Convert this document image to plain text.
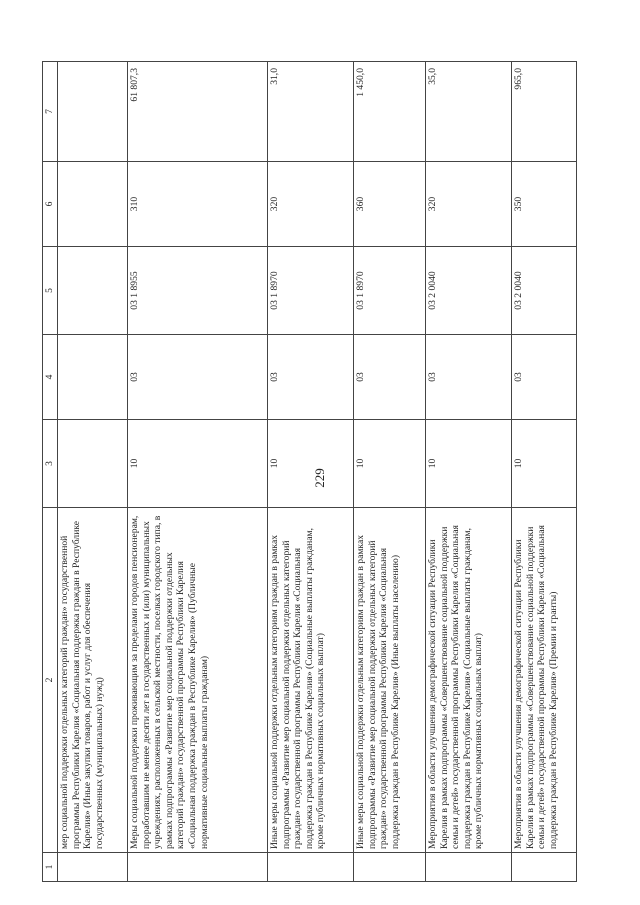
229
1	2	3	4	5	6	7
	мер социальной поддержки отдельных категорий граждан» государственной программы Республики Карелия «Социальная поддержка граждан в Республике Карелия» (Иные закупки товаров, работ и услуг для обеспечения государственных (муниципальных) нужд)					
	Меры социальной поддержки проживающим за пределами городов пенсионерам, проработавшим не менее десяти лет в государственных и (или) муниципальных учреждениях, расположенных в сельской местности, поселках городского типа, в рамках подпрограммы «Развитие мер социальной поддержки отдельных категорий граждан» государственной программы Республики Карелия «Социальная поддержка граждан в Республике Карелия» (Публичные нормативные социальные выплаты гражданам)	10	03	03 1 8955	310	61 807,3
	Иные меры социальной поддержки отдельным категориям граждан в рамках подпрограммы «Развитие мер социальной поддержки отдельных категорий граждан» государственной программы Республики Карелия «Социальная поддержка граждан в Республике Карелия» (Социальные выплаты гражданам, кроме публичных нормативных социальных выплат)	10	03	03 1 8970	320	31,0
	Иные меры социальной поддержки отдельным категориям граждан в рамках подпрограммы «Развитие мер социальной поддержки отдельных категорий граждан» государственной программы Республики Карелия «Социальная поддержка граждан в Республике Карелия» (Иные выплаты населению)	10	03	03 1 8970	360	1 450,0
	Мероприятия в области улучшения демографической ситуации Республики Карелия в рамках подпрограммы «Совершенствование социальной поддержки семьи и детей» государственной программы Республики Карелия «Социальная поддержка граждан в Республике Карелия» (Социальные выплаты гражданам, кроме публичных нормативных социальных выплат)	10	03	03 2 0040	320	35,0
	Мероприятия в области улучшения демографической ситуации Республики Карелия в рамках подпрограммы «Совершенствование социальной поддержки семьи и детей» государственной программы Республики Карелия «Социальная поддержка граждан в Республике Карелия» (Премии и гранты)	10	03	03 2 0040	350	965,0
